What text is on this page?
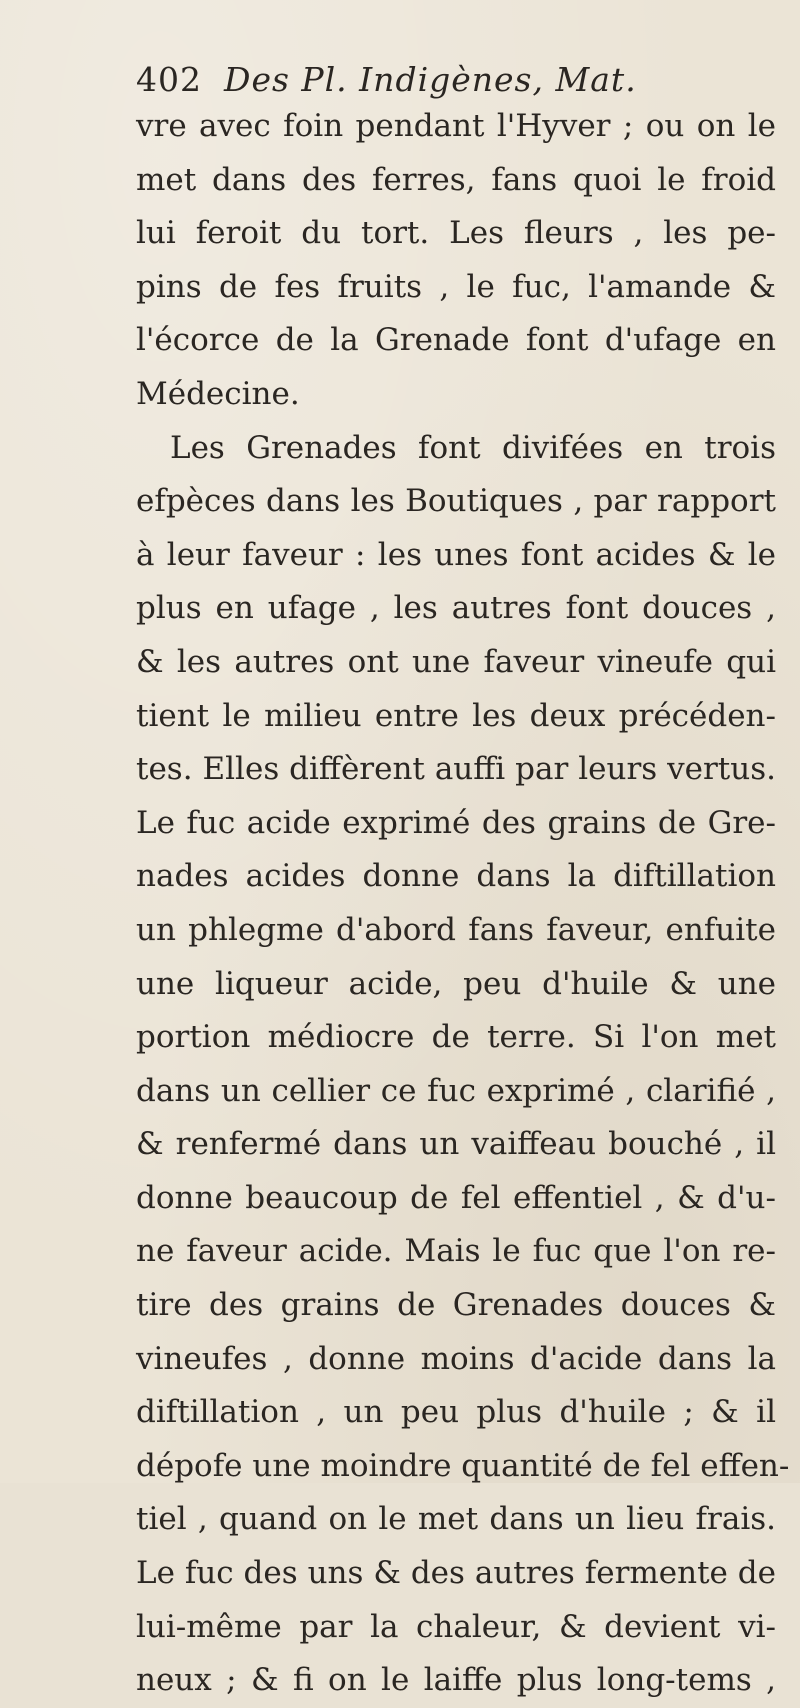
402 Des Pl. Indigènes, Mat.
vre avec foin pendant l'Hyver ; ou on le
met dans des ferres, fans quoi le froid
lui feroit du tort. Les fleurs , les pe-
pins de fes fruits , le fuc, l'amande &
l'écorce de la Grenade font d'ufage en
Médecine.
Les Grenades font divifées en trois
efpèces dans les Boutiques , par rapport
à leur faveur : les unes font acides & le
plus en ufage , les autres font douces ,
& les autres ont une faveur vineufe qui
tient le milieu entre les deux précéden-
tes. Elles diffèrent auffi par leurs vertus.
Le fuc acide exprimé des grains de Gre-
nades acides donne dans la diftillation
un phlegme d'abord fans faveur, enfuite
une liqueur acide, peu d'huile & une
portion médiocre de terre. Si l'on met
dans un cellier ce fuc exprimé , clarifié ,
& renfermé dans un vaiffeau bouché , il
donne beaucoup de fel effentiel , & d'u-
ne faveur acide. Mais le fuc que l'on re-
tire des grains de Grenades douces &
vineufes , donne moins d'acide dans la
diftillation , un peu plus d'huile ; & il
dépofe une moindre quantité de fel effen-
tiel , quand on le met dans un lieu frais.
Le fuc des uns & des autres fermente de
lui-même par la chaleur, & devient vi-
neux ; & fi on le laiffe plus long-tems ,
